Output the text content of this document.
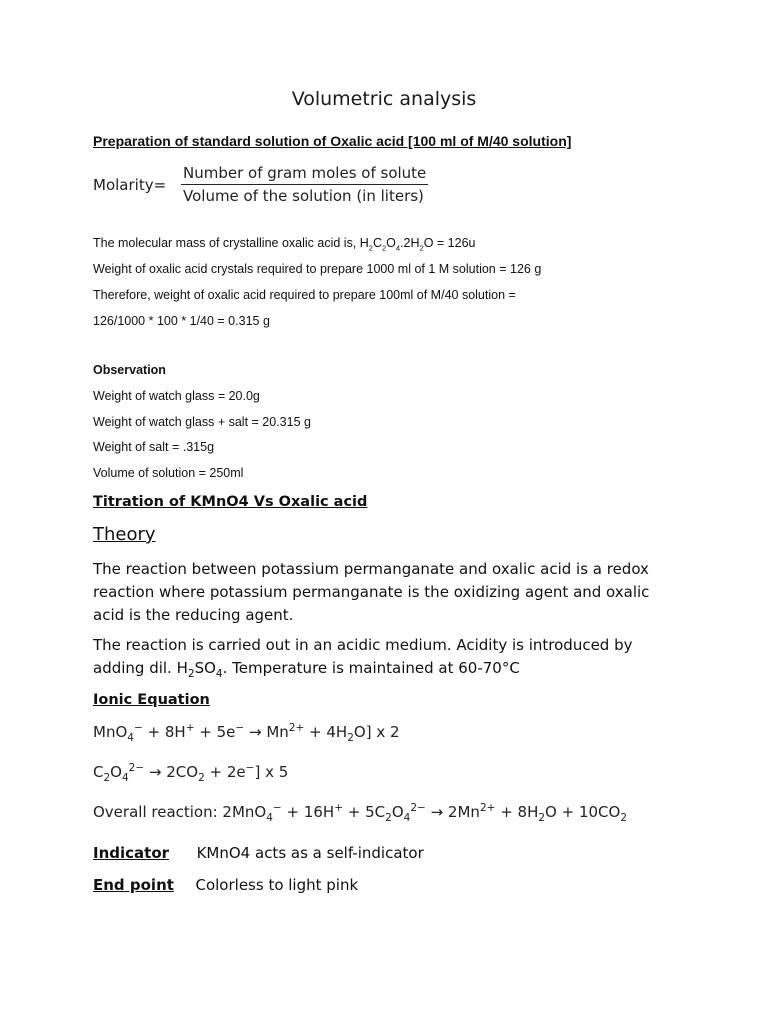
Volumetric analysis
Preparation of standard solution of Oxalic acid [100 ml of M/40 solution]
Molarity=
Number of gram moles of solute
Volume of the solution (in liters)
The molecular mass of crystalline oxalic acid is, $H_2C_2O_4.2H_2O = 126u$
Weight of oxalic acid crystals required to prepare 1000 ml of 1 M solution = 126 g
Therefore, weight of oxalic acid required to prepare 100ml of M/40 solution =
126/1000 * 100 * 1/40 = 0.315 g
Observation
Weight of watch glass = 20.0g
Weight of watch glass + salt = 20.315 g
Weight of salt = .315g
Volume of solution = 250ml
Titration of KMnO4 Vs Oxalic acid
Theory
The reaction between potassium permanganate and oxalic acid is a redox reaction where potassium permanganate is the oxidizing agent and oxalic acid is the reducing agent.
The reaction is carried out in an acidic medium. Acidity is introduced by adding dil. $H_2SO_4$. Temperature is maintained at 60-70°C
Ionic Equation
$MnO_4^- + 8H^+ + 5e^- \to Mn^{2+} + 4H_2O$] x 2
$C_2O_4^{2-} \to 2CO_2 + 2e^-$] x 5
Overall reaction: $2MnO_4^- + 16H^+ + 5C_2O_4^{2-} \to 2Mn^{2+} + 8H_2O + 10CO_2$
Indicator KMnO4 acts as a self-indicator
End point Colorless to light pink
